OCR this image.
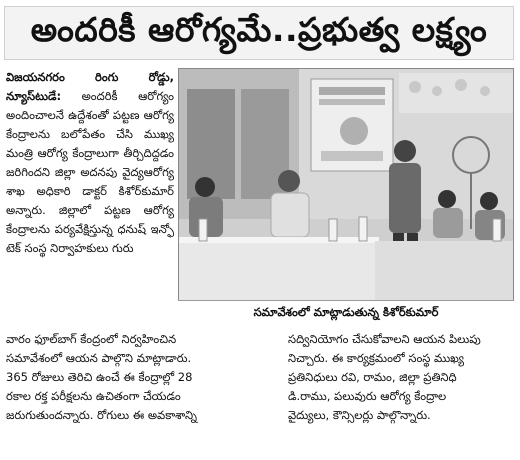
అందరికీ ఆరోగ్యమే..ప్రభుత్వ లక్ష్యం
విజయనగరం రింగు రోడ్డు, న్యూస్‌టుడే: అందరికీ ఆరోగ్యం అందించాలనే ఉద్దేశంతో పట్టణ ఆరోగ్య కేంద్రాలను బలోపేతం చేసి ముఖ్య మంత్రి ఆరోగ్య కేంద్రాలుగా తీర్చిదిద్దడం జరిగిందని జిల్లా అదనపు వైద్యఆరోగ్య శాఖ అధికారి డాక్టర్ కిశోర్‌కుమార్ అన్నారు. జిల్లాలో పట్టణ ఆరోగ్య కేంద్రాలను పర్యవేక్షిస్తున్న ధనుష్ ఇన్ఫో టెక్ సంస్థ నిర్వాహకులు గురు
సమావేశంలో మాట్లాడుతున్న కిశోర్‌కుమార్
వారం ఫూల్‌బాగ్ కేంద్రంలో నిర్వహించిన
సమావేశంలో ఆయన పాల్గొని మాట్లాడారు.
365 రోజులు తెరిచి ఉంచే ఈ కేంద్రాల్లో 28
రకాల రక్త పరీక్షలను ఉచితంగా చేయడం
జరుగుతుందన్నారు. రోగులు ఈ అవకాశాన్ని
సద్వినియోగం చేసుకోవాలని ఆయన పిలుపు
నిచ్చారు. ఈ కార్యక్రమంలో సంస్థ ముఖ్య
ప్రతినిధులు రవి, రామం, జిల్లా ప్రతినిధి
డి.రాము, పలువురు ఆరోగ్య కేంద్రాల
వైద్యులు, కౌన్సిలర్లు పాల్గొన్నారు.
